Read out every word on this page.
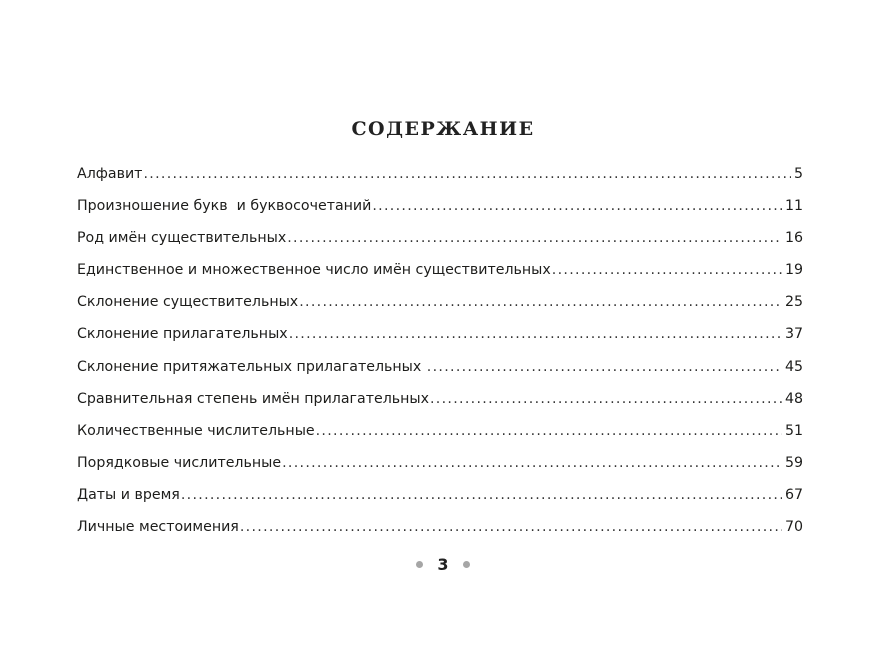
СОДЕРЖАНИЕ
Алфавит .....	5
Произношение букв  и буквосочетаний .....	11
Род имён существительных .....	16
Единственное и множественное число имён существительных .....	19
Склонение существительных .....	25
Склонение прилагательных .....	37
Склонение притяжательных прилагательных .....	45
Сравнительная степень имён прилагательных .....	48
Количественные числительные .....	51
Порядковые числительные .....	59
Даты и время .....	67
Личные местоимения .....	70
3
